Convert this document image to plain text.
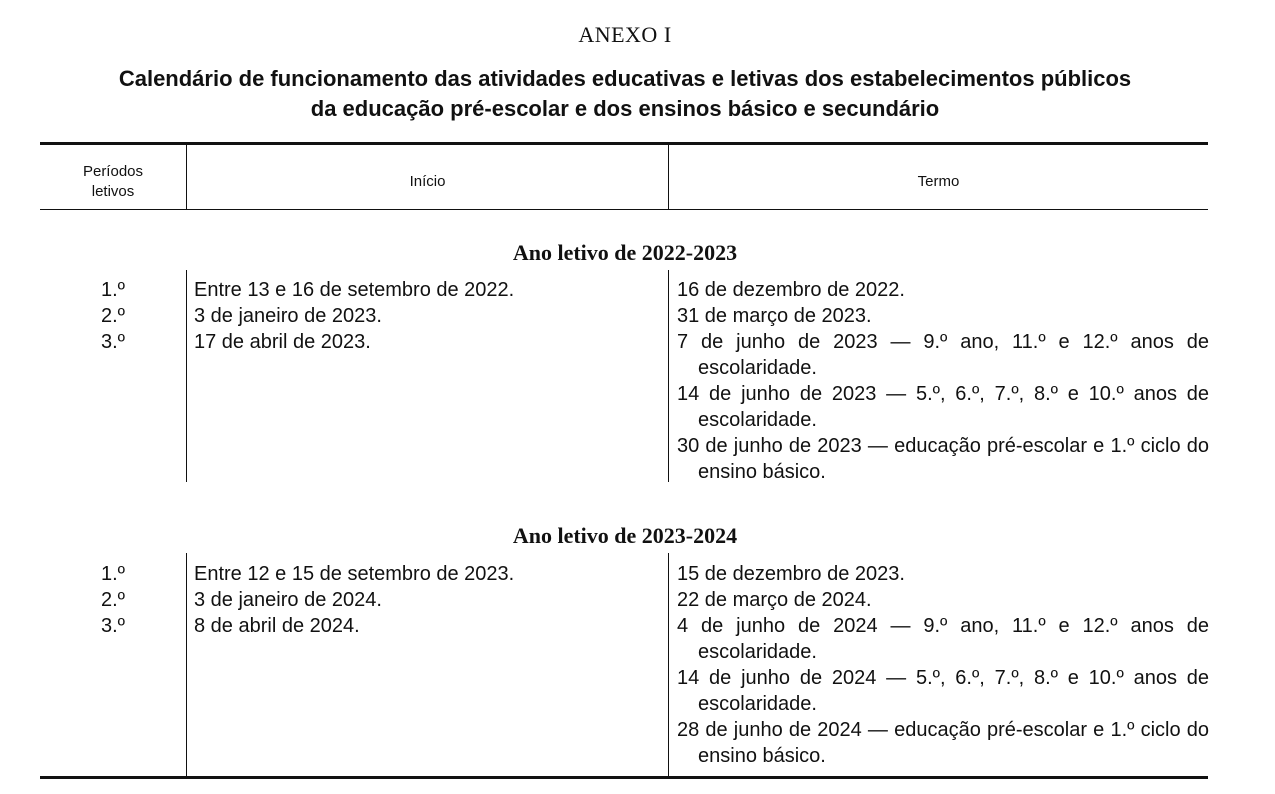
ANEXO I
Calendário de funcionamento das atividades educativas e letivas dos estabelecimentos públicos
da educação pré-escolar e dos ensinos básico e secundário
Períodos
letivos
Início	Termo
Ano letivo de 2022-2023
1.º
2.º
3.º
Entre 13 e 16 de setembro de 2022.
3 de janeiro de 2023.
17 de abril de 2023.
16 de dezembro de 2022.
31 de março de 2023.
7 de junho de 2023 — 9.º ano, 11.º e 12.º anos de escolaridade.
14 de junho de 2023 — 5.º, 6.º, 7.º, 8.º e 10.º anos de escolaridade.
30 de junho de 2023 — educação pré-escolar e 1.º ciclo do ensino básico.
Ano letivo de 2023-2024
1.º
2.º
3.º
Entre 12 e 15 de setembro de 2023.
3 de janeiro de 2024.
8 de abril de 2024.
15 de dezembro de 2023.
22 de março de 2024.
4 de junho de 2024 — 9.º ano, 11.º e 12.º anos de escolaridade.
14 de junho de 2024 — 5.º, 6.º, 7.º, 8.º e 10.º anos de escolaridade.
28 de junho de 2024 — educação pré-escolar e 1.º ciclo do ensino básico.
